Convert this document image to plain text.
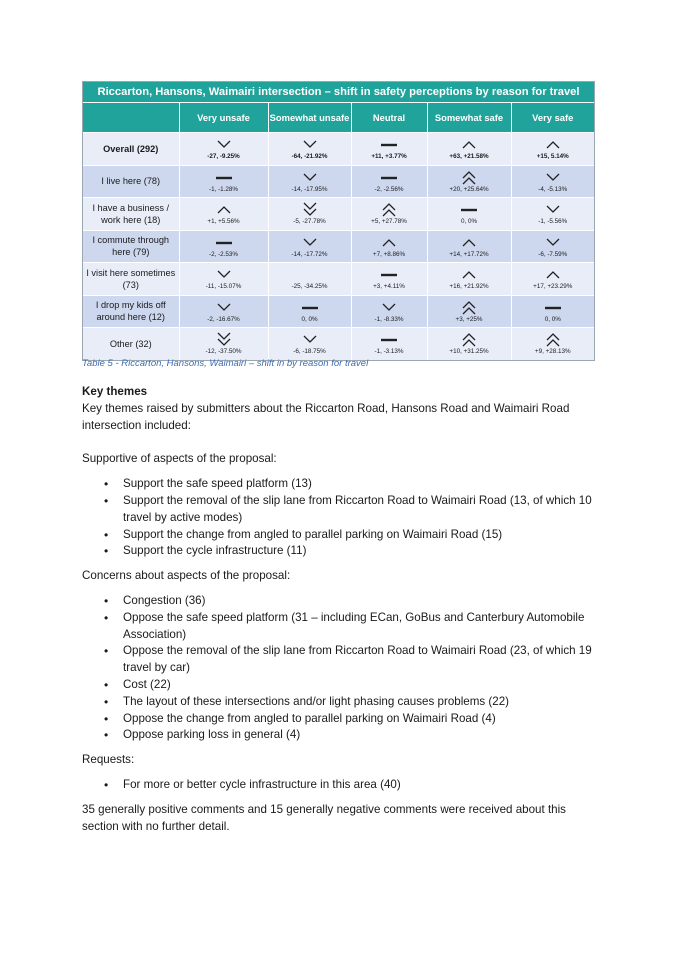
Riccarton, Hansons, Waimairi intersection – shift in safety perceptions by reason for travel
	Very unsafe	Somewhat unsafe	Neutral	Somewhat safe	Very safe
Overall (292)	-27, -9.25%	-64, -21.92%	+11, +3.77%	+63, +21.58%	+15, 5.14%

I live here (78)	-1, -1.28%	-14, -17.95%	-2, -2.56%	+20, +25.64%	-4, -5.13%

I have a business / work here (18)	+1, +5.56%	-5, -27.78%	+5, +27.78%	0, 0%	-1, -5.56%

I commute through here (79)	-2, -2.53%	-14, -17.72%	+7, +8.86%	+14, +17.72%	-6, -7.59%

I visit here sometimes (73)	-11, -15.07%	-25, -34.25%	+3, +4.11%	+16, +21.92%	+17, +23.29%

I drop my kids off around here (12)	-2, -16.67%	0, 0%	-1, -8.33%	+3, +25%	0, 0%

Other (32)	-12, -37.50%	-6, -18.75%	-1, -3.13%	+10, +31.25%	+9, +28.13%
Table 5 - Riccarton, Hansons, Waimairi – shift in by reason for travel

Key themes

Key themes raised by submitters about the Riccarton Road, Hansons Road and Waimairi Road intersection included:

Supportive of aspects of the proposal:

• Support the safe speed platform (13)
• Support the removal of the slip lane from Riccarton Road to Waimairi Road (13, of which 10 travel by active modes)
• Support the change from angled to parallel parking on Waimairi Road (15)
• Support the cycle infrastructure (11)

Concerns about aspects of the proposal:

• Congestion (36)
• Oppose the safe speed platform (31 – including ECan, GoBus and Canterbury Automobile Association)
• Oppose the removal of the slip lane from Riccarton Road to Waimairi Road (23, of which 19 travel by car)
• Cost (22)
• The layout of these intersections and/or light phasing causes problems (22)
• Oppose the change from angled to parallel parking on Waimairi Road (4)
• Oppose parking loss in general (4)

Requests:

• For more or better cycle infrastructure in this area (40)

35 generally positive comments and 15 generally negative comments were received about this section with no further detail.
